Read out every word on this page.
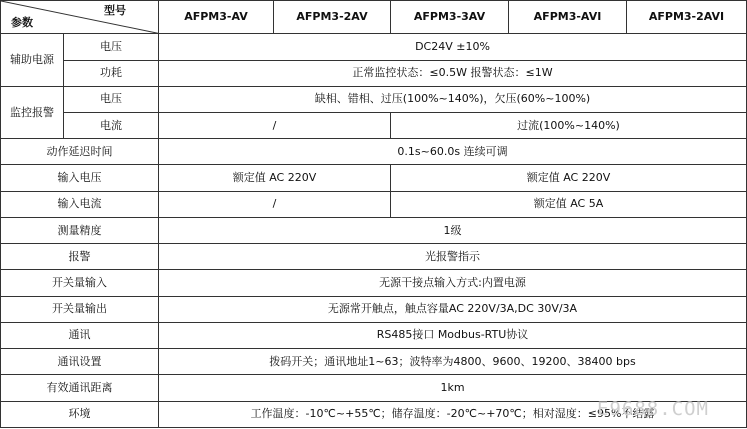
型号
参数		AFPM3-AV	AFPM3-2AV	AFPM3-3AV	AFPM3-AVI	AFPM3-2AVI
辅助电源	电压	DC24V ±10%				
	功耗	正常监控状态：≤0.5W 报警状态：≤1W				
监控报警	电压	缺相、错相、过压(100%~140%)，欠压(60%~100%)				
	电流	/		过流(100%~140%)		
动作延迟时间		0.1s~60.0s 连续可调				
输入电压		额定值 AC 220V		额定值 AC 220V		
输入电流		/		额定值 AC 5A		
测量精度		1级				
报警		光报警指示				
开关量输入		无源干接点输入方式:内置电源				
开关量输出		无源常开触点，触点容量AC 220V/3A,DC 30V/3A				
通讯		RS485接口 Modbus-RTU协议				
通讯设置		拨码开关；通讯地址1~63；波特率为4800、9600、19200、38400 bps				
有效通讯距离		1km				
环境		工作温度：-10℃~+55℃；储存温度：-20℃~+70℃；相对湿度：≤95%不结露				
E9688.COM
